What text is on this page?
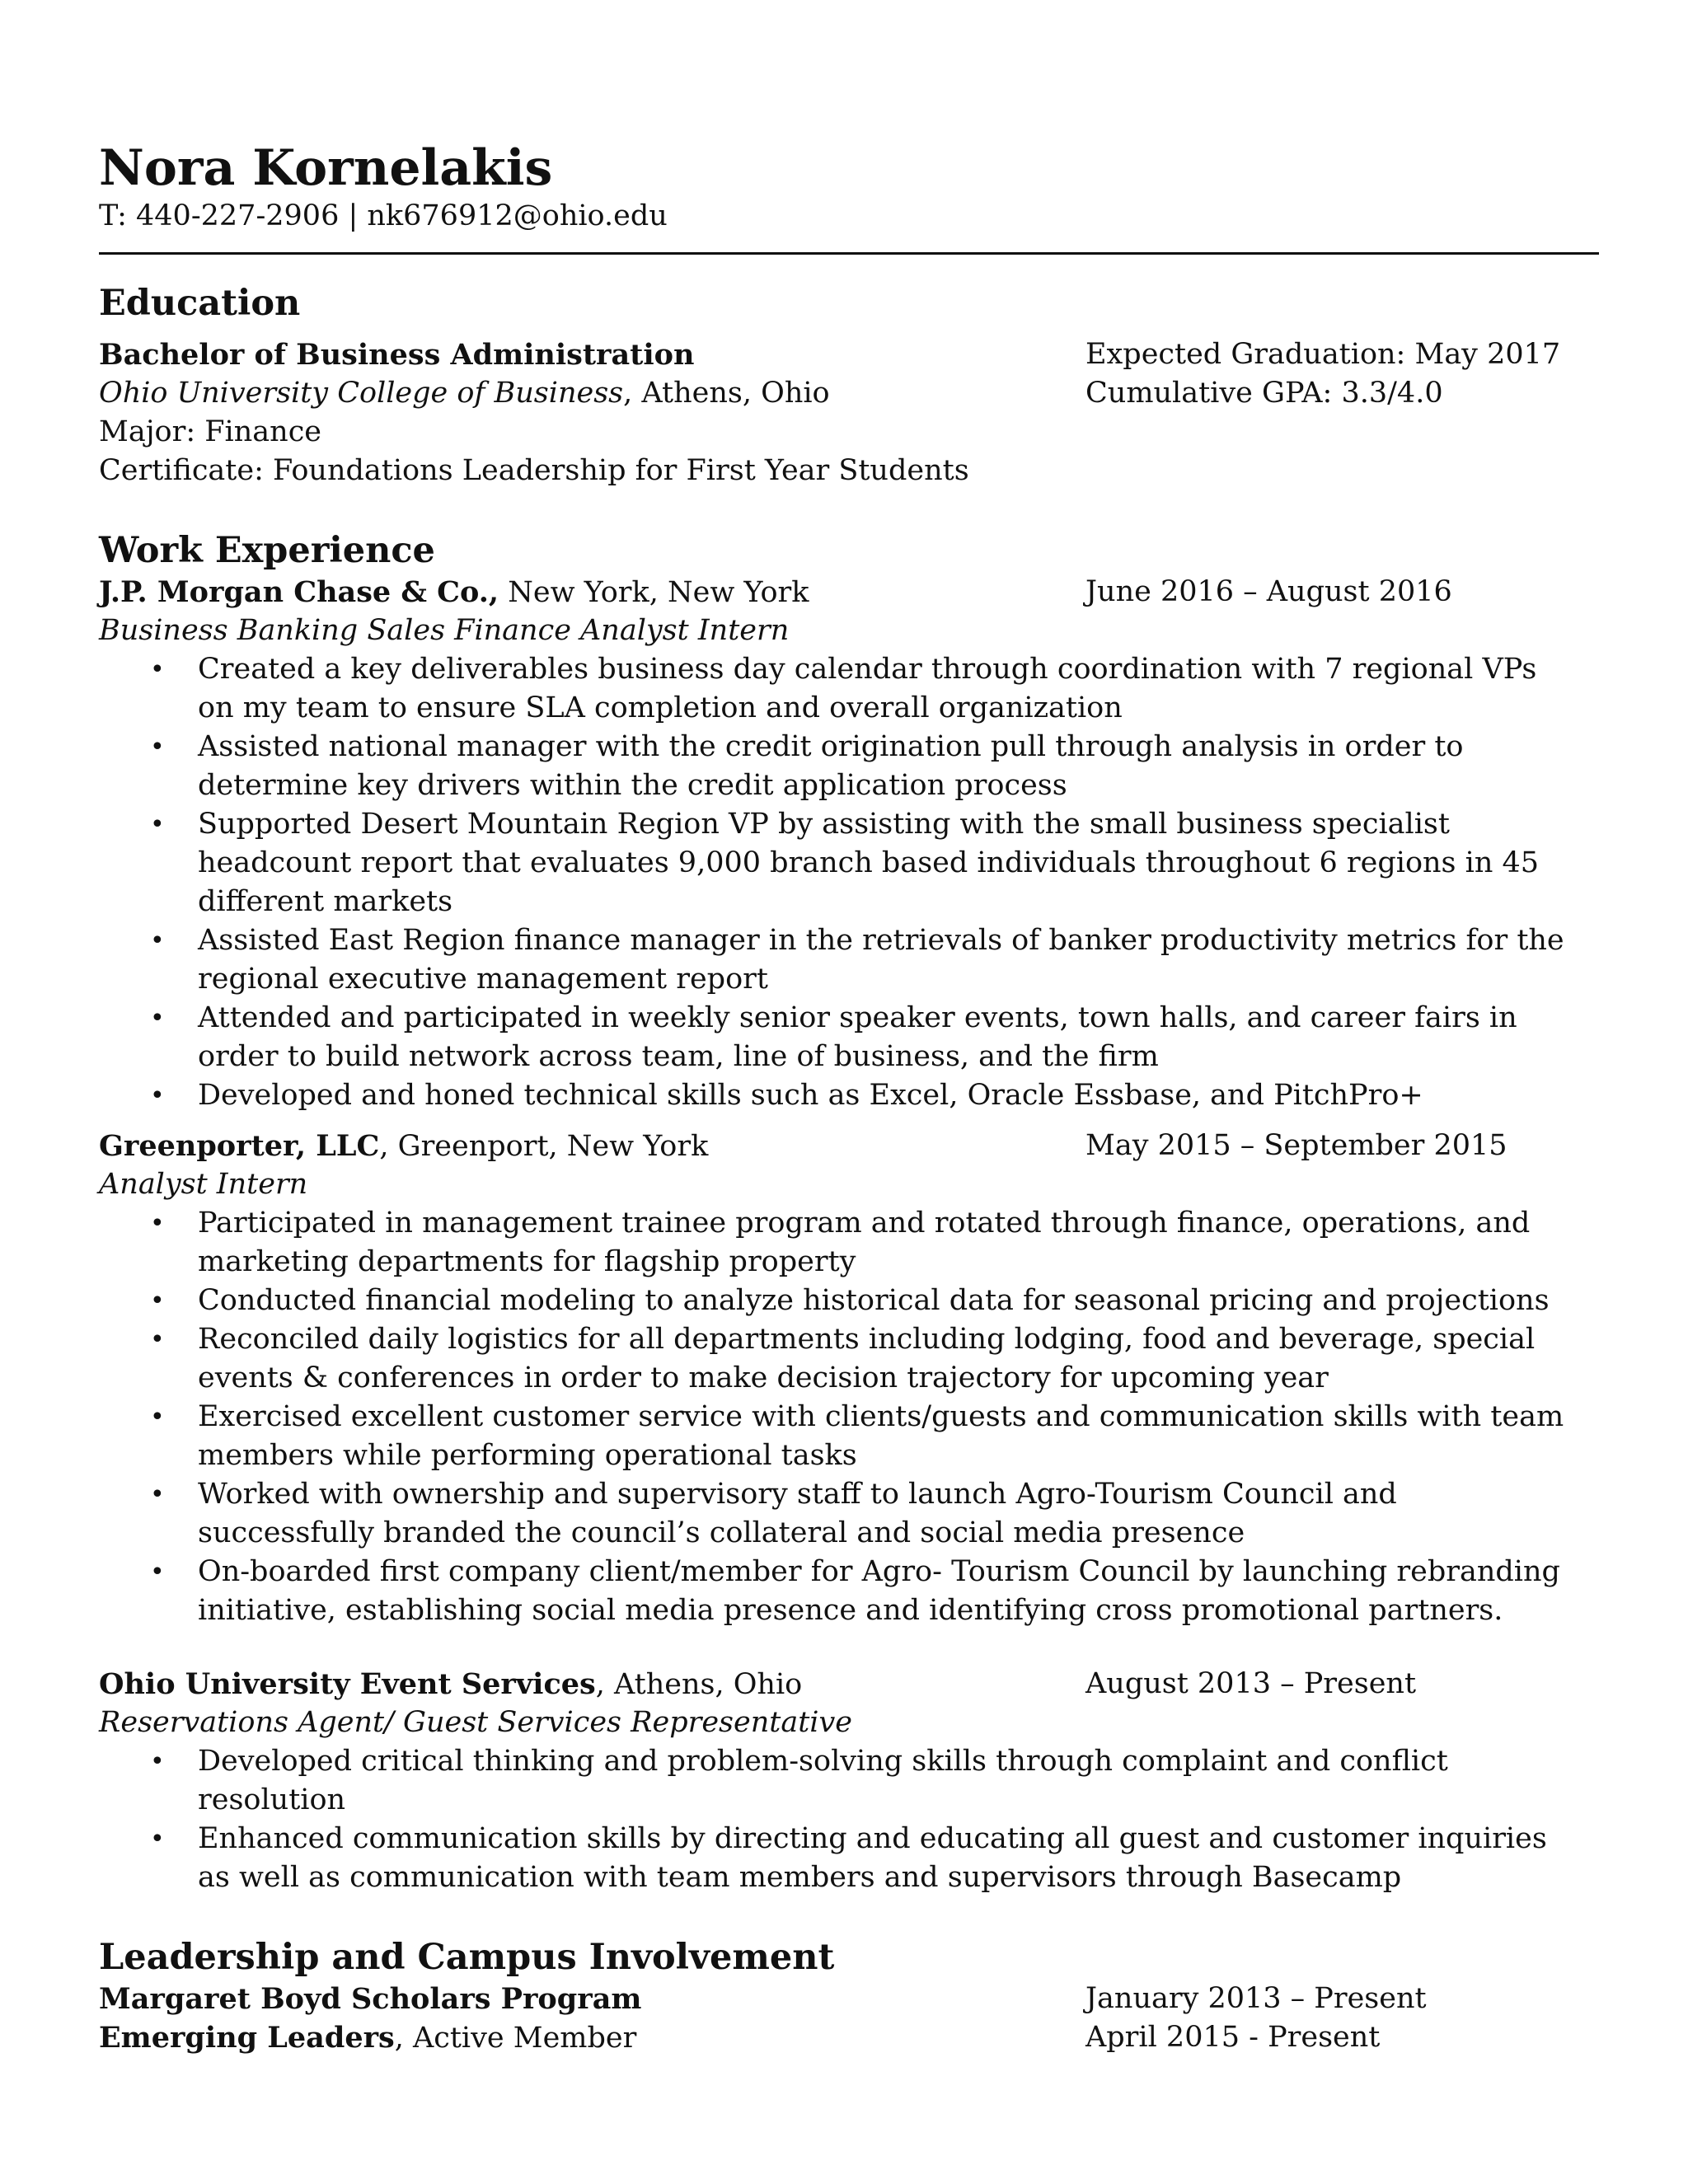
Nora Kornelakis
T: 440-227-2906 | nk676912@ohio.edu
Education
Bachelor of Business Administration	Expected Graduation: May 2017
Ohio University College of Business, Athens, Ohio	Cumulative GPA: 3.3/4.0
Major: Finance
Certificate: Foundations Leadership for First Year Students
Work Experience
J.P. Morgan Chase & Co., New York, New York	June 2016 – August 2016
Business Banking Sales Finance Analyst Intern
• Created a key deliverables business day calendar through coordination with 7 regional VPs on my team to ensure SLA completion and overall organization
• Assisted national manager with the credit origination pull through analysis in order to determine key drivers within the credit application process
• Supported Desert Mountain Region VP by assisting with the small business specialist headcount report that evaluates 9,000 branch based individuals throughout 6 regions in 45 different markets
• Assisted East Region finance manager in the retrievals of banker productivity metrics for the regional executive management report
• Attended and participated in weekly senior speaker events, town halls, and career fairs in order to build network across team, line of business, and the firm
• Developed and honed technical skills such as Excel, Oracle Essbase, and PitchPro+
Greenporter, LLC, Greenport, New York	May 2015 – September 2015
Analyst Intern
• Participated in management trainee program and rotated through finance, operations, and marketing departments for flagship property
• Conducted financial modeling to analyze historical data for seasonal pricing and projections
• Reconciled daily logistics for all departments including lodging, food and beverage, special events & conferences in order to make decision trajectory for upcoming year
• Exercised excellent customer service with clients/guests and communication skills with team members while performing operational tasks
• Worked with ownership and supervisory staff to launch Agro-Tourism Council and successfully branded the council’s collateral and social media presence
• On-boarded first company client/member for Agro- Tourism Council by launching rebranding initiative, establishing social media presence and identifying cross promotional partners.
Ohio University Event Services, Athens, Ohio	August 2013 – Present
Reservations Agent/ Guest Services Representative
• Developed critical thinking and problem-solving skills through complaint and conflict resolution
• Enhanced communication skills by directing and educating all guest and customer inquiries as well as communication with team members and supervisors through Basecamp
Leadership and Campus Involvement
Margaret Boyd Scholars Program	January 2013 – Present
Emerging Leaders, Active Member	April 2015 - Present
